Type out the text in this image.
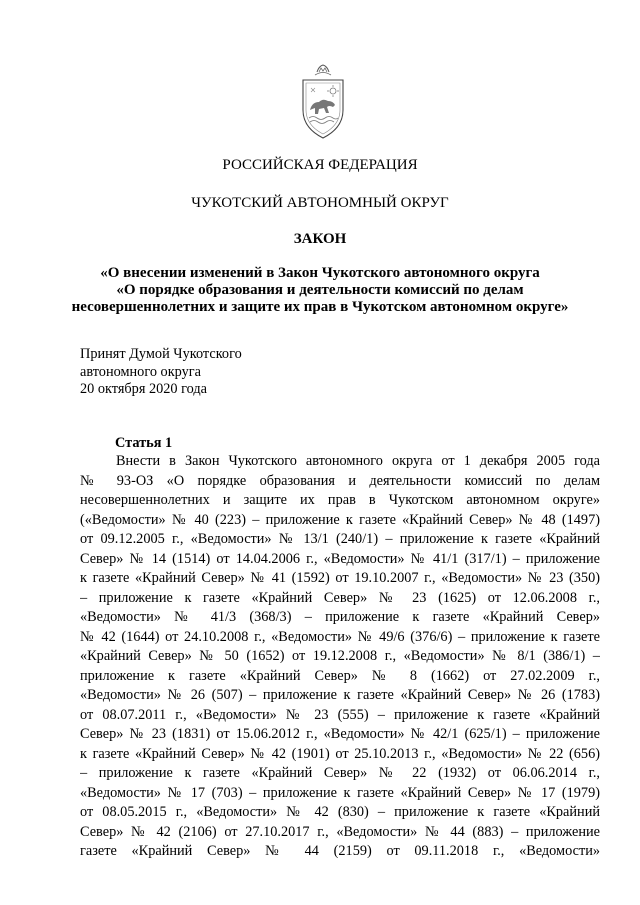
РОССИЙСКАЯ ФЕДЕРАЦИЯ
ЧУКОТСКИЙ АВТОНОМНЫЙ ОКРУГ
ЗАКОН
«О внесении изменений в Закон Чукотского автономного округа
«О порядке образования и деятельности комиссий по делам
несовершеннолетних и защите их прав в Чукотском автономном округе»
Принят Думой Чукотского
автономного округа
20 октября 2020 года
Статья 1
Внести в Закон Чукотского автономного округа от 1 декабря 2005 года
№ 93-ОЗ «О порядке образования и деятельности комиссий по делам
несовершеннолетних и защите их прав в Чукотском автономном округе»
(«Ведомости» № 40 (223) – приложение к газете «Крайний Север» № 48 (1497)
от 09.12.2005 г., «Ведомости» № 13/1 (240/1) – приложение к газете «Крайний
Север» № 14 (1514) от 14.04.2006 г., «Ведомости» № 41/1 (317/1) – приложение
к газете «Крайний Север» № 41 (1592) от 19.10.2007 г., «Ведомости» № 23 (350)
– приложение к газете «Крайний Север» № 23 (1625) от 12.06.2008 г.,
«Ведомости» № 41/3 (368/3) – приложение к газете «Крайний Север»
№ 42 (1644) от 24.10.2008 г., «Ведомости» № 49/6 (376/6) – приложение к газете
«Крайний Север» № 50 (1652) от 19.12.2008 г., «Ведомости» № 8/1 (386/1) –
приложение к газете «Крайний Север» № 8 (1662) от 27.02.2009 г.,
«Ведомости» № 26 (507) – приложение к газете «Крайний Север» № 26 (1783)
от 08.07.2011 г., «Ведомости» № 23 (555) – приложение к газете «Крайний
Север» № 23 (1831) от 15.06.2012 г., «Ведомости» № 42/1 (625/1) – приложение
к газете «Крайний Север» № 42 (1901) от 25.10.2013 г., «Ведомости» № 22 (656)
– приложение к газете «Крайний Север» № 22 (1932) от 06.06.2014 г.,
«Ведомости» № 17 (703) – приложение к газете «Крайний Север» № 17 (1979)
от 08.05.2015 г., «Ведомости» № 42 (830) – приложение к газете «Крайний
Север» № 42 (2106) от 27.10.2017 г., «Ведомости» № 44 (883) – приложение
газете «Крайний Север» № 44 (2159) от 09.11.2018 г., «Ведомости»
